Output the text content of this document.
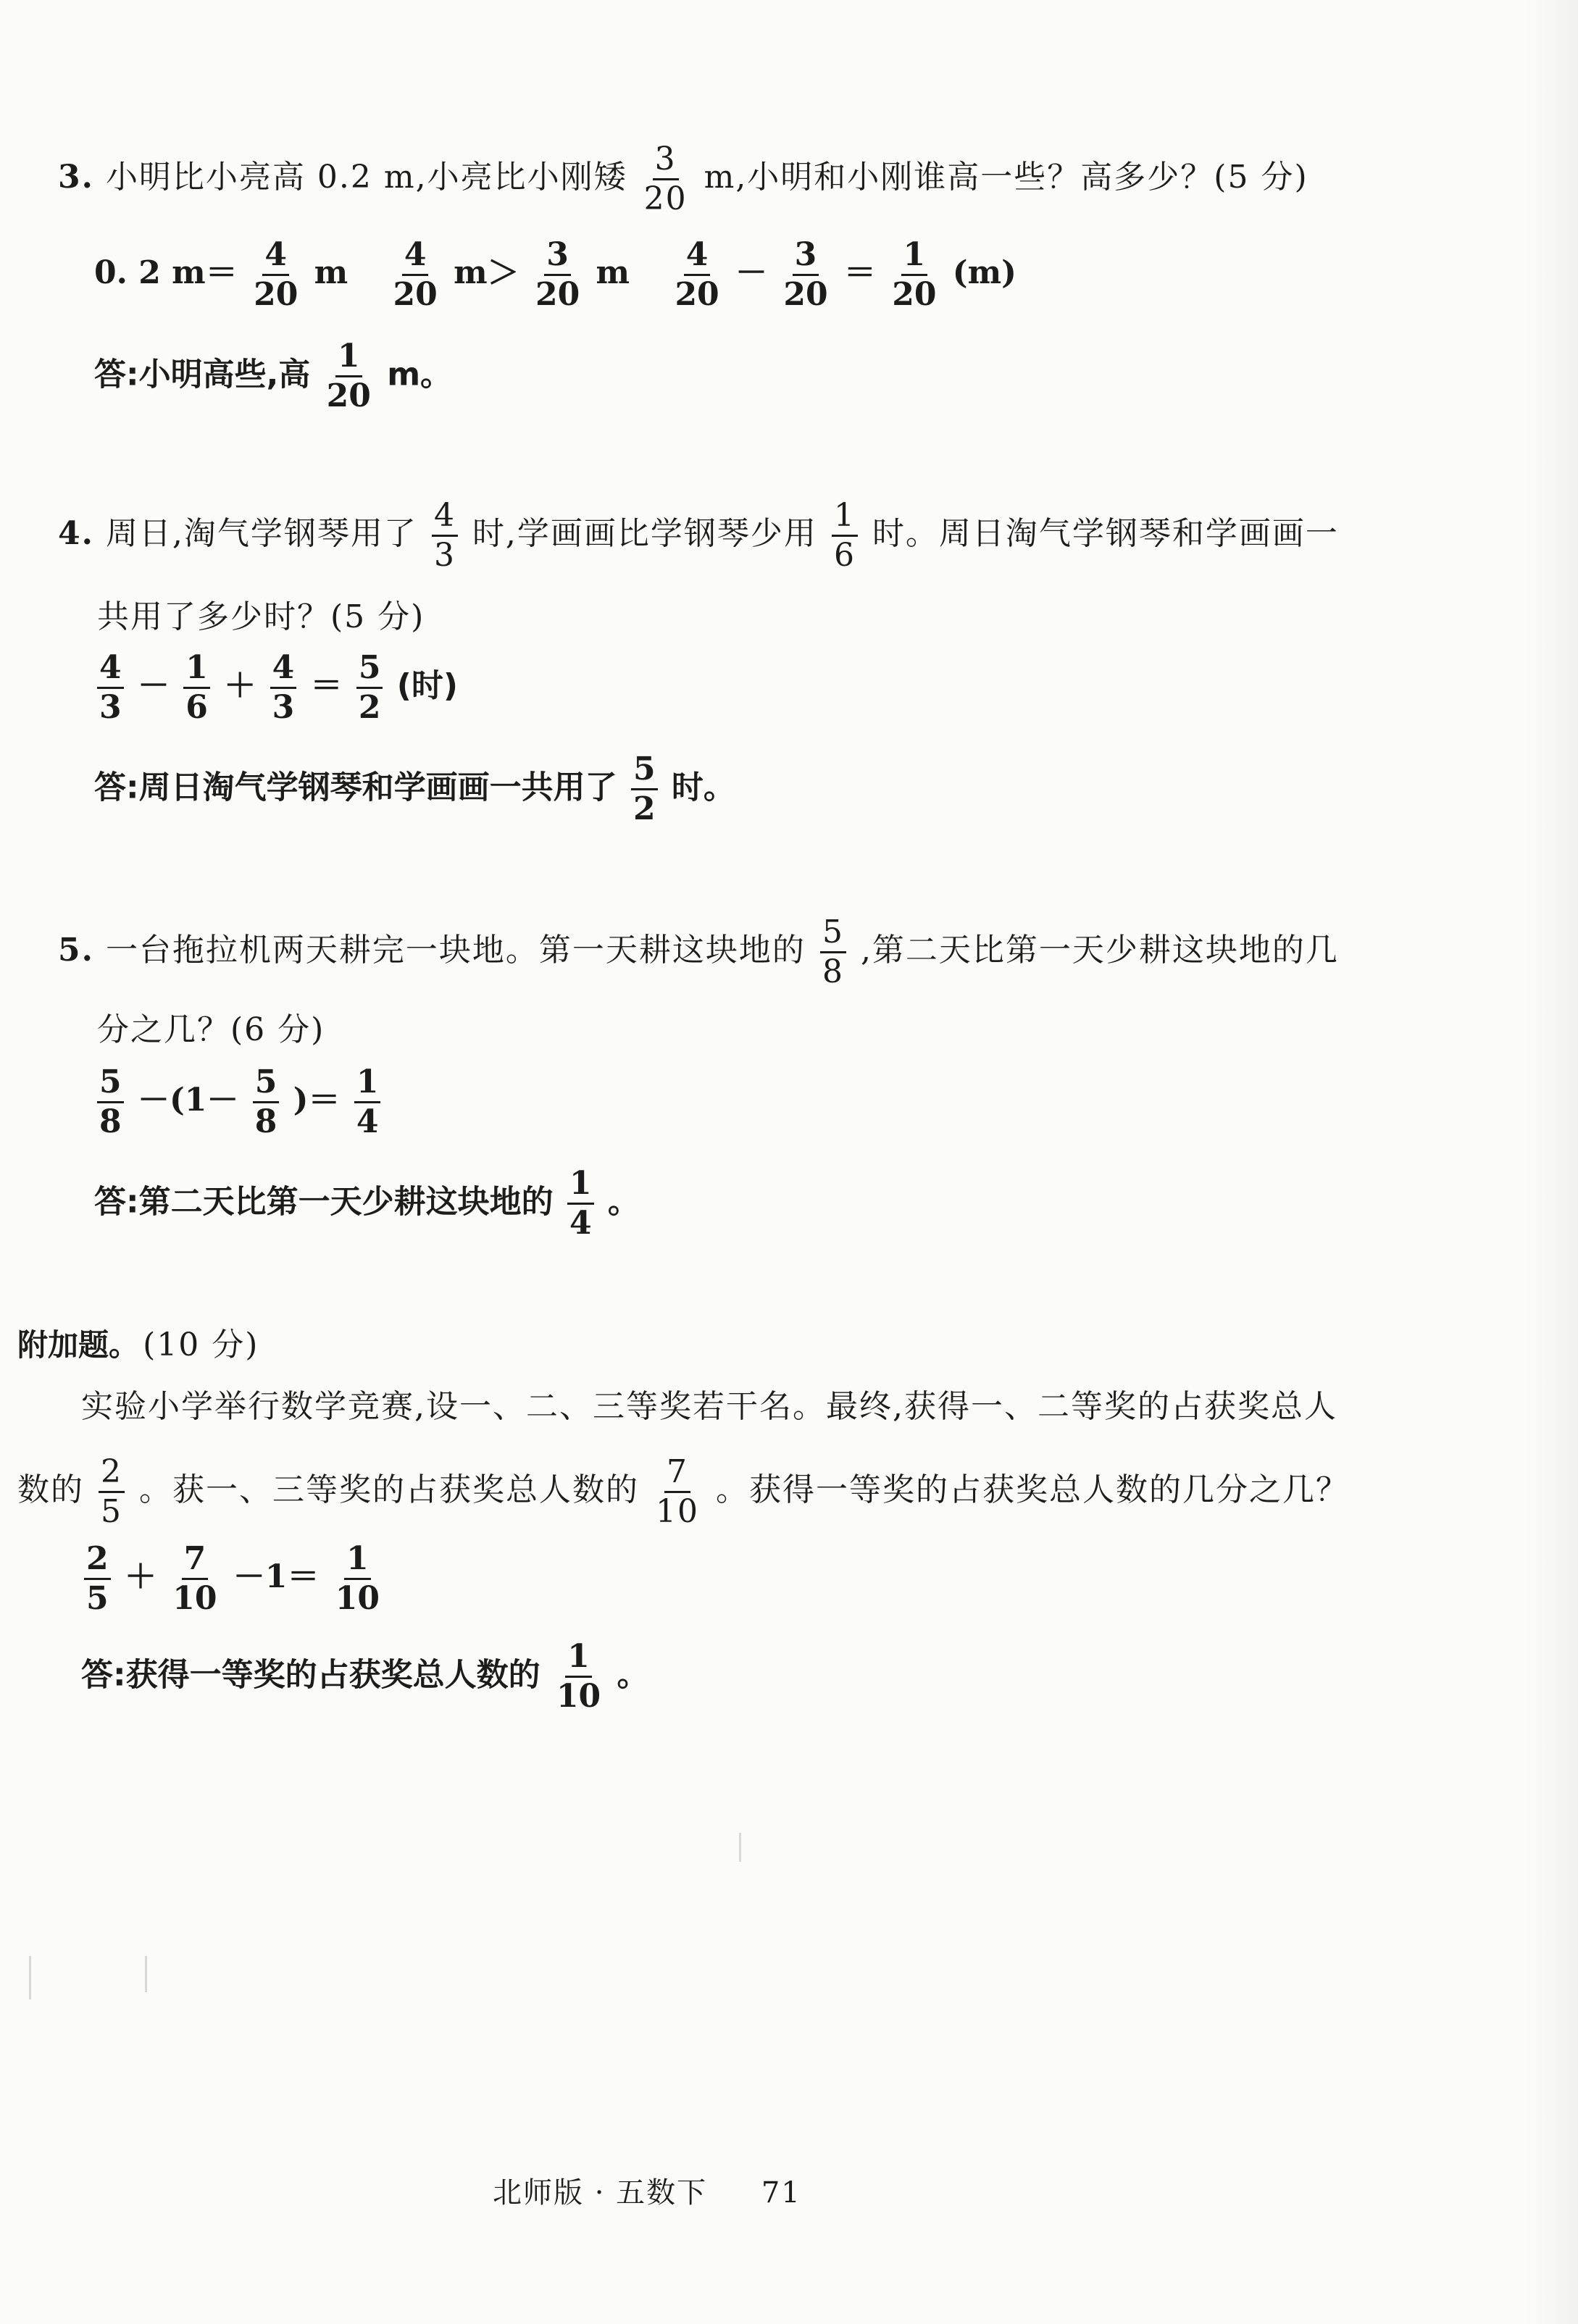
3. 小明比小亮高 0.2 m,小亮比小刚矮 $\frac{3}{20} m$,小明和小刚谁高一些？高多少？(5 分)
0. 2 $m= \frac{4}{20}$ m $\frac{4}{20} m> \frac{3}{20}$ m $\frac{4}{20} - \frac{3}{20} = \frac{1}{20} (m)$
答:小明高些,高 $\frac{1}{20}$ m。
4. 周日,淘气学钢琴用了 $\frac{4}{3}$ 时,学画画比学钢琴少用 $\frac{1}{6}$ 时。周日淘气学钢琴和学画画一
共用了多少时？(5 分)
$\frac{4}{3} - \frac{1}{6} + \frac{4}{3} = \frac{5}{2}$ (时)
答:周日淘气学钢琴和学画画一共用了 $\frac{5}{2}$ 时。
5. 一台拖拉机两天耕完一块地。第一天耕这块地的 $\frac{5}{8}$ ,第二天比第一天少耕这块地的几
分之几？(6 分)
$\frac{5}{8} -(1- \frac{5}{8}$ )＝ $\frac{1}{4}$
答:第二天比第一天少耕这块地的 $\frac{1}{4}$ 。
附加题。 (10 分)
实验小学举行数学竞赛,设一、二、三等奖若干名。最终,获得一、二等奖的占获奖总人
数的 $\frac{2}{5}$ 。获一、三等奖的占获奖总人数的 $\frac{7}{10}$ 。获得一等奖的占获奖总人数的几分之几？
$\frac{2}{5} + \frac{7}{10} -1= \frac{1}{10}$
答:获得一等奖的占获奖总人数的 $\frac{1}{10}$ 。
北师版 · 五数下 71
